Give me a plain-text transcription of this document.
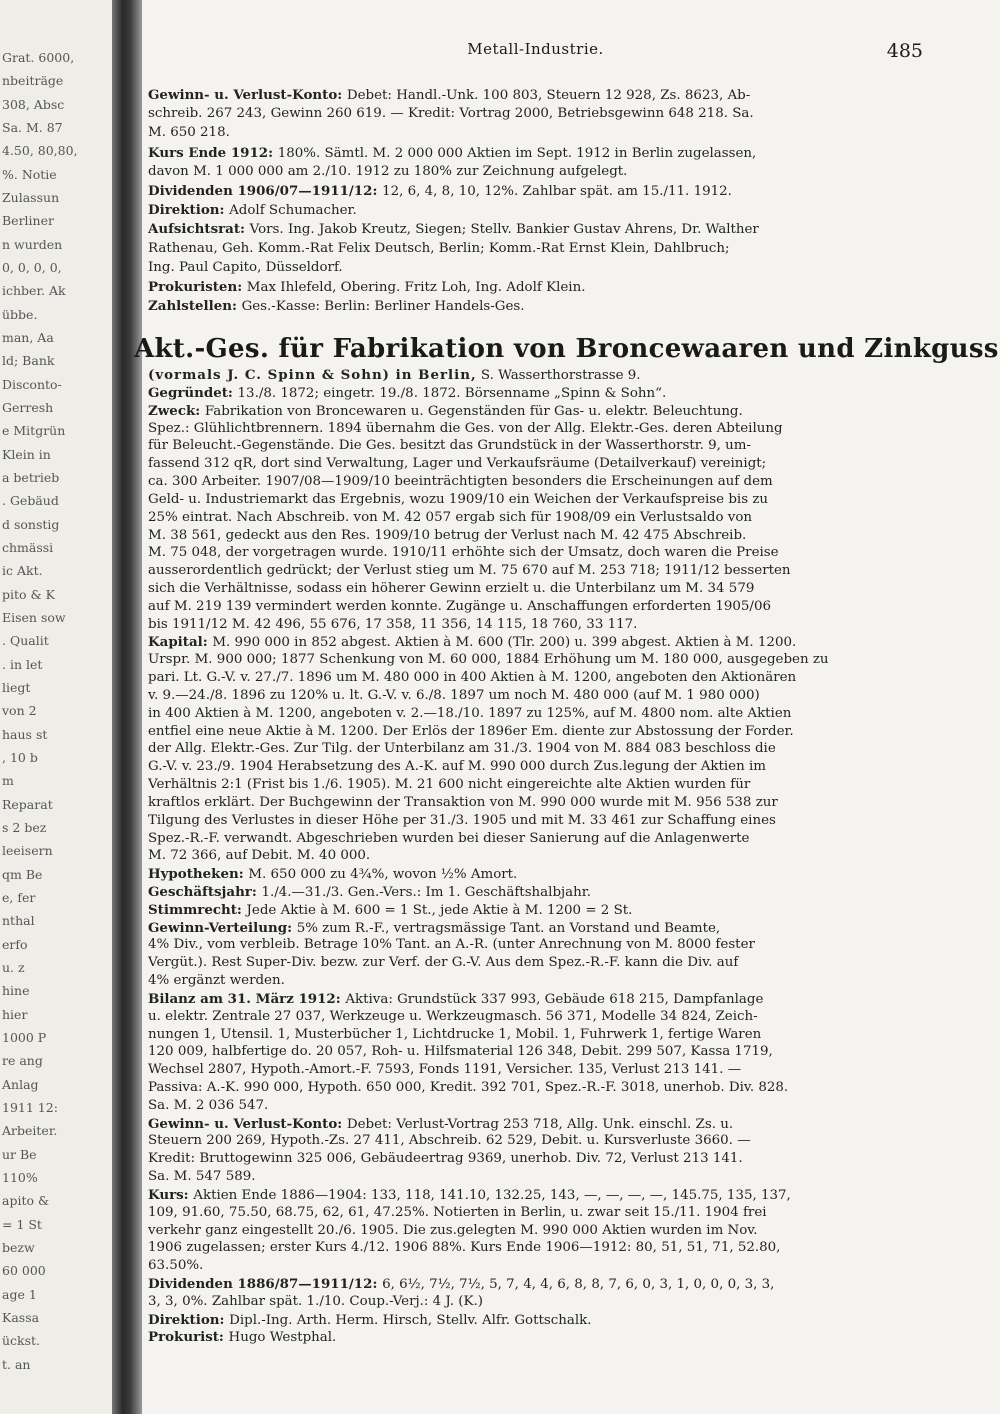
Grat. 6000,
nbeiträge
308, Absc
Sa. M. 87
4.50, 80,80,
%. Notie
Zulassun
Berliner
n wurden
0, 0, 0, 0,
ichber. Ak
übbe.
man, Aa
ld; Bank
Disconto-
Gerresh
e Mitgrün
Klein in
a betrieb
. Gebäud
d sonstig
chmässi
ic Akt.
pito & K
Eisen sow
. Qualit
. in let
liegt
von 2
haus st
, 10 b
m
Reparat
s 2 bez
leeisern
qm Be
e, fer
nthal
erfo
u. z
hine
hier
1000 P
re ang
Anlag
1911 12:
Arbeiter.
ur Be
110%
apito &
= 1 St
bezw
60 000
age 1
Kassa
ückst.
t. an
Metall-Industrie.	485
Gewinn- u. Verlust-Konto: Debet: Handl.-Unk. 100 803, Steuern 12 928, Zs. 8623, Ab-
schreib. 267 243, Gewinn 260 619. — Kredit: Vortrag 2000, Betriebsgewinn 648 218. Sa.
M. 650 218.
Kurs Ende 1912: 180%. Sämtl. M. 2 000 000 Aktien im Sept. 1912 in Berlin zugelassen,
davon M. 1 000 000 am 2./10. 1912 zu 180% zur Zeichnung aufgelegt.
Dividenden 1906/07—1911/12: 12, 6, 4, 8, 10, 12%. Zahlbar spät. am 15./11. 1912.
Direktion: Adolf Schumacher.
Aufsichtsrat: Vors. Ing. Jakob Kreutz, Siegen; Stellv. Bankier Gustav Ahrens, Dr. Walther
Rathenau, Geh. Komm.-Rat Felix Deutsch, Berlin; Komm.-Rat Ernst Klein, Dahlbruch;
Ing. Paul Capito, Düsseldorf.
Prokuristen: Max Ihlefeld, Obering. Fritz Loh, Ing. Adolf Klein.
Zahlstellen: Ges.-Kasse: Berlin: Berliner Handels-Ges.
Akt.-Ges. für Fabrikation von Broncewaaren und Zinkguss
(vormals J. C. Spinn & Sohn) in Berlin, S. Wasserthorstrasse 9.
Gegründet: 13./8. 1872; eingetr. 19./8. 1872. Börsenname „Spinn & Sohn“.
Zweck: Fabrikation von Broncewaren u. Gegenständen für Gas- u. elektr. Beleuchtung.
Spez.: Glühlichtbrennern. 1894 übernahm die Ges. von der Allg. Elektr.-Ges. deren Abteilung
für Beleucht.-Gegenstände. Die Ges. besitzt das Grundstück in der Wasserthorstr. 9, um-
fassend 312 qR, dort sind Verwaltung, Lager und Verkaufsräume (Detailverkauf) vereinigt;
ca. 300 Arbeiter. 1907/08—1909/10 beeinträchtigten besonders die Erscheinungen auf dem
Geld- u. Industriemarkt das Ergebnis, wozu 1909/10 ein Weichen der Verkaufspreise bis zu
25% eintrat. Nach Abschreib. von M. 42 057 ergab sich für 1908/09 ein Verlustsaldo von
M. 38 561, gedeckt aus den Res. 1909/10 betrug der Verlust nach M. 42 475 Abschreib.
M. 75 048, der vorgetragen wurde. 1910/11 erhöhte sich der Umsatz, doch waren die Preise
ausserordentlich gedrückt; der Verlust stieg um M. 75 670 auf M. 253 718; 1911/12 besserten
sich die Verhältnisse, sodass ein höherer Gewinn erzielt u. die Unterbilanz um M. 34 579
auf M. 219 139 vermindert werden konnte. Zugänge u. Anschaffungen erforderten 1905/06
bis 1911/12 M. 42 496, 55 676, 17 358, 11 356, 14 115, 18 760, 33 117.
Kapital: M. 990 000 in 852 abgest. Aktien à M. 600 (Tlr. 200) u. 399 abgest. Aktien à M. 1200.
Urspr. M. 900 000; 1877 Schenkung von M. 60 000, 1884 Erhöhung um M. 180 000, ausgegeben zu
pari. Lt. G.-V. v. 27./7. 1896 um M. 480 000 in 400 Aktien à M. 1200, angeboten den Aktionären
v. 9.—24./8. 1896 zu 120% u. lt. G.-V. v. 6./8. 1897 um noch M. 480 000 (auf M. 1 980 000)
in 400 Aktien à M. 1200, angeboten v. 2.—18./10. 1897 zu 125%, auf M. 4800 nom. alte Aktien
entfiel eine neue Aktie à M. 1200. Der Erlös der 1896er Em. diente zur Abstossung der Forder.
der Allg. Elektr.-Ges. Zur Tilg. der Unterbilanz am 31./3. 1904 von M. 884 083 beschloss die
G.-V. v. 23./9. 1904 Herabsetzung des A.-K. auf M. 990 000 durch Zus.legung der Aktien im
Verhältnis 2:1 (Frist bis 1./6. 1905). M. 21 600 nicht eingereichte alte Aktien wurden für
kraftlos erklärt. Der Buchgewinn der Transaktion von M. 990 000 wurde mit M. 956 538 zur
Tilgung des Verlustes in dieser Höhe per 31./3. 1905 und mit M. 33 461 zur Schaffung eines
Spez.-R.-F. verwandt. Abgeschrieben wurden bei dieser Sanierung auf die Anlagenwerte
M. 72 366, auf Debit. M. 40 000.
Hypotheken: M. 650 000 zu 4¾%, wovon ½% Amort.
Geschäftsjahr: 1./4.—31./3. Gen.-Vers.: Im 1. Geschäftshalbjahr.
Stimmrecht: Jede Aktie à M. 600 = 1 St., jede Aktie à M. 1200 = 2 St.
Gewinn-Verteilung: 5% zum R.-F., vertragsmässige Tant. an Vorstand und Beamte,
4% Div., vom verbleib. Betrage 10% Tant. an A.-R. (unter Anrechnung von M. 8000 fester
Vergüt.). Rest Super-Div. bezw. zur Verf. der G.-V. Aus dem Spez.-R.-F. kann die Div. auf
4% ergänzt werden.
Bilanz am 31. März 1912: Aktiva: Grundstück 337 993, Gebäude 618 215, Dampfanlage
u. elektr. Zentrale 27 037, Werkzeuge u. Werkzeugmasch. 56 371, Modelle 34 824, Zeich-
nungen 1, Utensil. 1, Musterbücher 1, Lichtdrucke 1, Mobil. 1, Fuhrwerk 1, fertige Waren
120 009, halbfertige do. 20 057, Roh- u. Hilfsmaterial 126 348, Debit. 299 507, Kassa 1719,
Wechsel 2807, Hypoth.-Amort.-F. 7593, Fonds 1191, Versicher. 135, Verlust 213 141. —
Passiva: A.-K. 990 000, Hypoth. 650 000, Kredit. 392 701, Spez.-R.-F. 3018, unerhob. Div. 828.
Sa. M. 2 036 547.
Gewinn- u. Verlust-Konto: Debet: Verlust-Vortrag 253 718, Allg. Unk. einschl. Zs. u.
Steuern 200 269, Hypoth.-Zs. 27 411, Abschreib. 62 529, Debit. u. Kursverluste 3660. —
Kredit: Bruttogewinn 325 006, Gebäudeertrag 9369, unerhob. Div. 72, Verlust 213 141.
Sa. M. 547 589.
Kurs: Aktien Ende 1886—1904: 133, 118, 141.10, 132.25, 143, —, —, —, —, 145.75, 135, 137,
109, 91.60, 75.50, 68.75, 62, 61, 47.25%. Notierten in Berlin, u. zwar seit 15./11. 1904 frei
verkehr ganz eingestellt 20./6. 1905. Die zus.gelegten M. 990 000 Aktien wurden im Nov.
1906 zugelassen; erster Kurs 4./12. 1906 88%. Kurs Ende 1906—1912: 80, 51, 51, 71, 52.80,
63.50%.
Dividenden 1886/87—1911/12: 6, 6½, 7½, 7½, 5, 7, 4, 4, 6, 8, 8, 7, 6, 0, 3, 1, 0, 0, 0, 3, 3,
3, 3, 0%. Zahlbar spät. 1./10. Coup.-Verj.: 4 J. (K.)
Direktion: Dipl.-Ing. Arth. Herm. Hirsch, Stellv. Alfr. Gottschalk.
Prokurist: Hugo Westphal.
